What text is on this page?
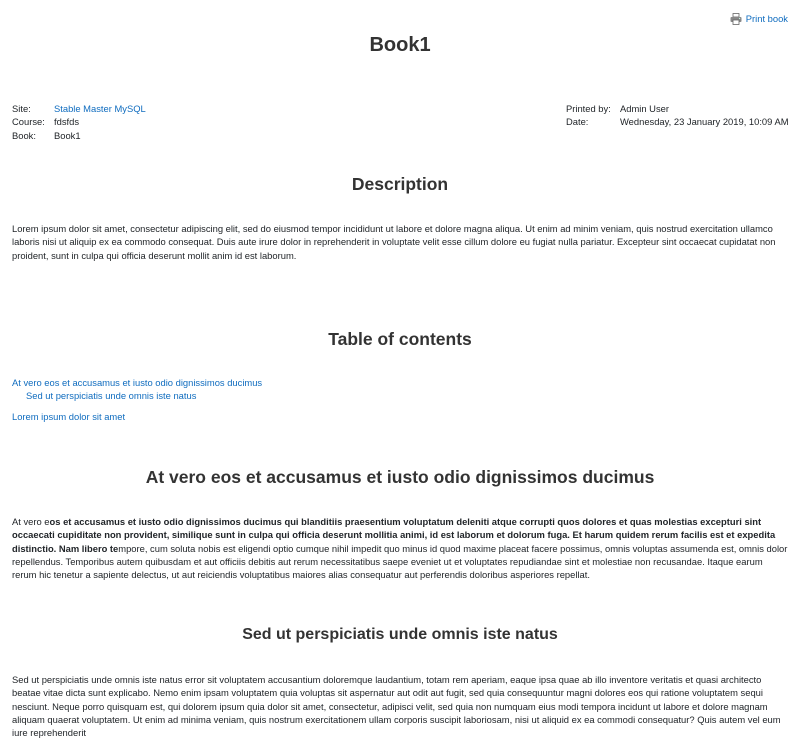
Print book
Book1
Site:	Stable Master MySQL
Course: fdsfds
Book:	Book1
Printed by: Admin User
Date:	Wednesday, 23 January 2019, 10:09 AM
Description

Lorem ipsum dolor sit amet, consectetur adipiscing elit, sed do eiusmod tempor incididunt ut labore et dolore magna aliqua. Ut enim ad minim veniam, quis nostrud exercitation ullamco laboris nisi ut aliquip ex ea commodo consequat. Duis aute irure dolor in reprehenderit in voluptate velit esse cillum dolore eu fugiat nulla pariatur. Excepteur sint occaecat cupidatat non proident, sunt in culpa qui officia deserunt mollit anim id est laborum.

Table of contents
At vero eos et accusamus et iusto odio dignissimos ducimus
Sed ut perspiciatis unde omnis iste natus
Lorem ipsum dolor sit amet
At vero eos et accusamus et iusto odio dignissimos ducimus

At vero eos et accusamus et iusto odio dignissimos ducimus qui blanditiis praesentium voluptatum deleniti atque corrupti quos dolores et quas molestias excepturi sint occaecati cupiditate non provident, similique sunt in culpa qui officia deserunt mollitia animi, id est laborum et dolorum fuga. Et harum quidem rerum facilis est et expedita distinctio. Nam libero tempore, cum soluta nobis est eligendi optio cumque nihil impedit quo minus id quod maxime placeat facere possimus, omnis voluptas assumenda est, omnis dolor repellendus. Temporibus autem quibusdam et aut officiis debitis aut rerum necessitatibus saepe eveniet ut et voluptates repudiandae sint et molestiae non recusandae. Itaque earum rerum hic tenetur a sapiente delectus, ut aut reiciendis voluptatibus maiores alias consequatur aut perferendis doloribus asperiores repellat.

Sed ut perspiciatis unde omnis iste natus

Sed ut perspiciatis unde omnis iste natus error sit voluptatem accusantium doloremque laudantium, totam rem aperiam, eaque ipsa quae ab illo inventore veritatis et quasi architecto beatae vitae dicta sunt explicabo. Nemo enim ipsam voluptatem quia voluptas sit aspernatur aut odit aut fugit, sed quia consequuntur magni dolores eos qui ratione voluptatem sequi nesciunt. Neque porro quisquam est, qui dolorem ipsum quia dolor sit amet, consectetur, adipisci velit, sed quia non numquam eius modi tempora incidunt ut labore et dolore magnam aliquam quaerat voluptatem. Ut enim ad minima veniam, quis nostrum exercitationem ullam corporis suscipit laboriosam, nisi ut aliquid ex ea commodi consequatur? Quis autem vel eum iure reprehenderit
